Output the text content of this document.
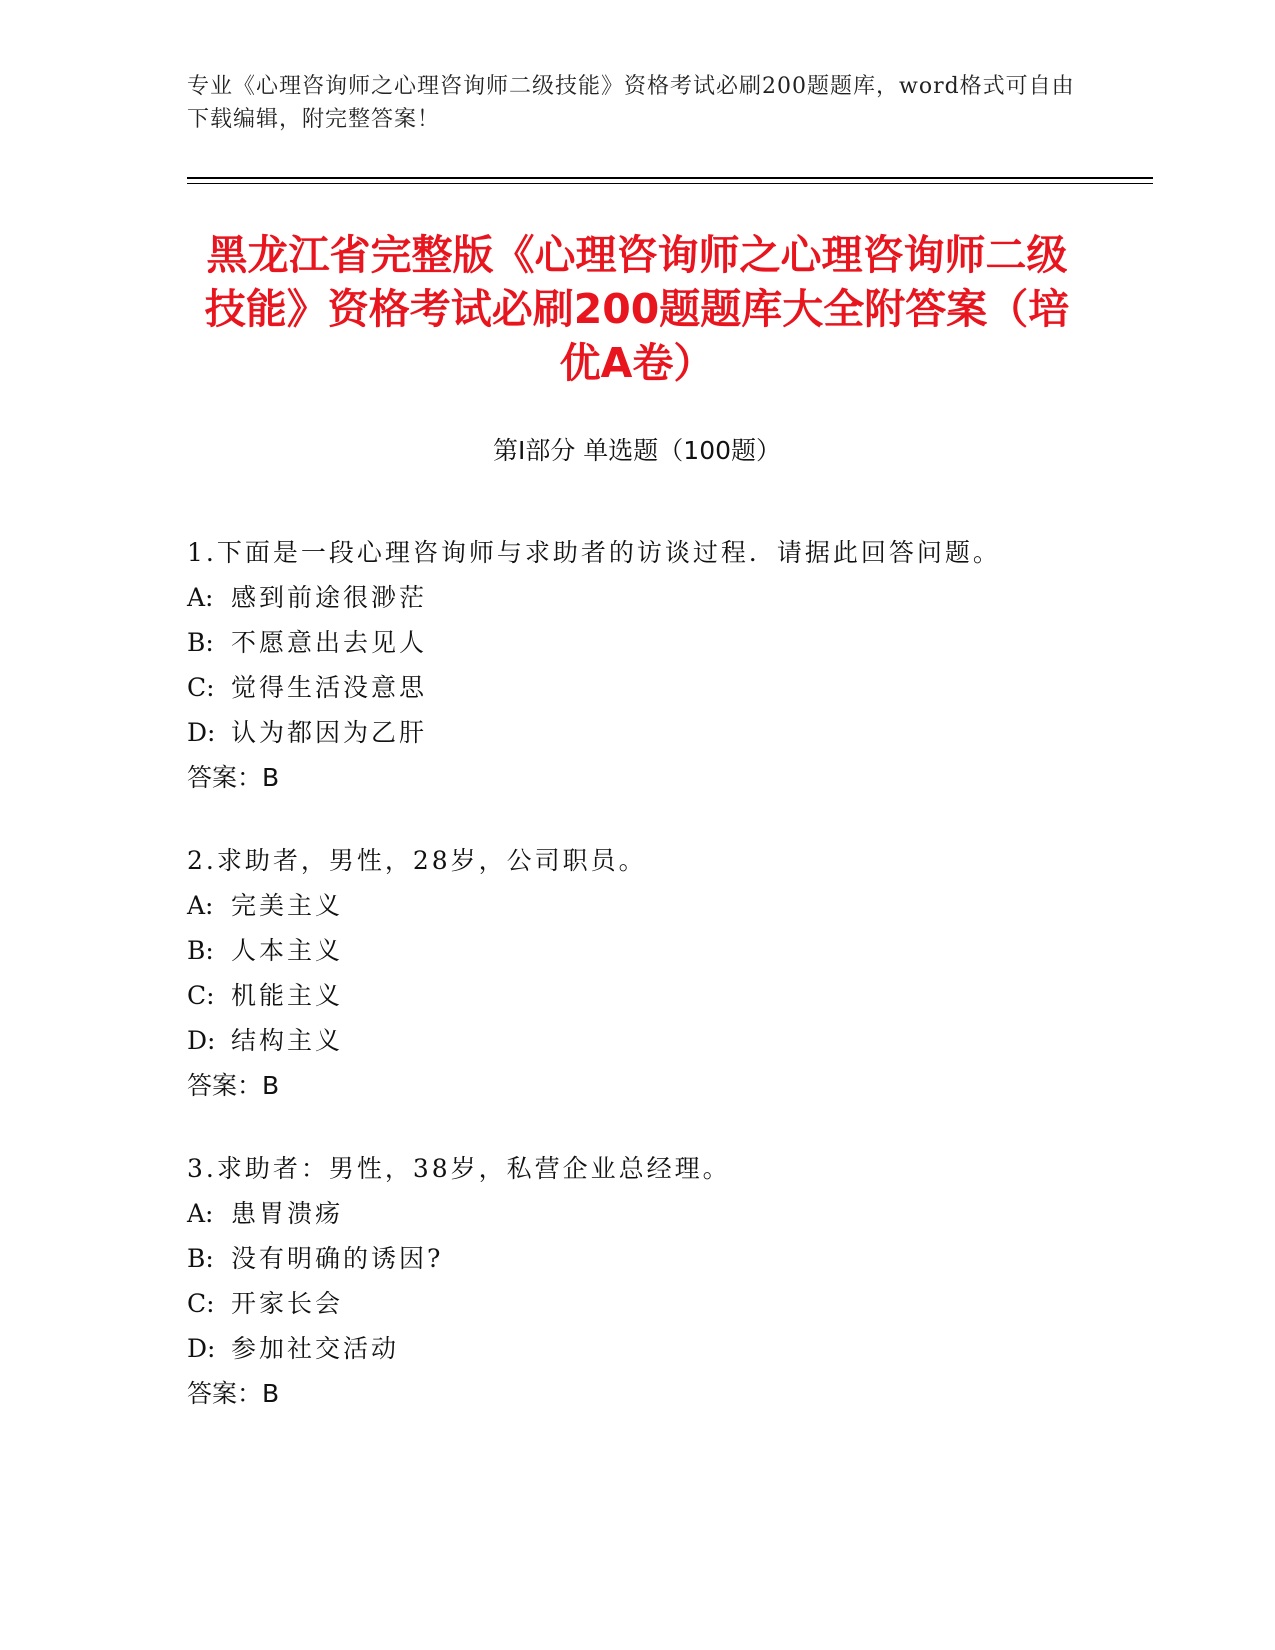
专业《心理咨询师之心理咨询师二级技能》资格考试必刷200题题库，word格式可自由下载编辑，附完整答案！
黑龙江省完整版《心理咨询师之心理咨询师二级技能》资格考试必刷200题题库大全附答案（培优A卷）
第I部分 单选题（100题）
1.下面是一段心理咨询师与求助者的访谈过程．请据此回答问题。
A: 感到前途很渺茫
B: 不愿意出去见人
C: 觉得生活没意思
D: 认为都因为乙肝
答案：B
2.求助者，男性，28岁，公司职员。
A: 完美主义
B: 人本主义
C: 机能主义
D: 结构主义
答案：B
3.求助者：男性，38岁，私营企业总经理。
A: 患胃溃疡
B: 没有明确的诱因?
C: 开家长会
D: 参加社交活动
答案：B
